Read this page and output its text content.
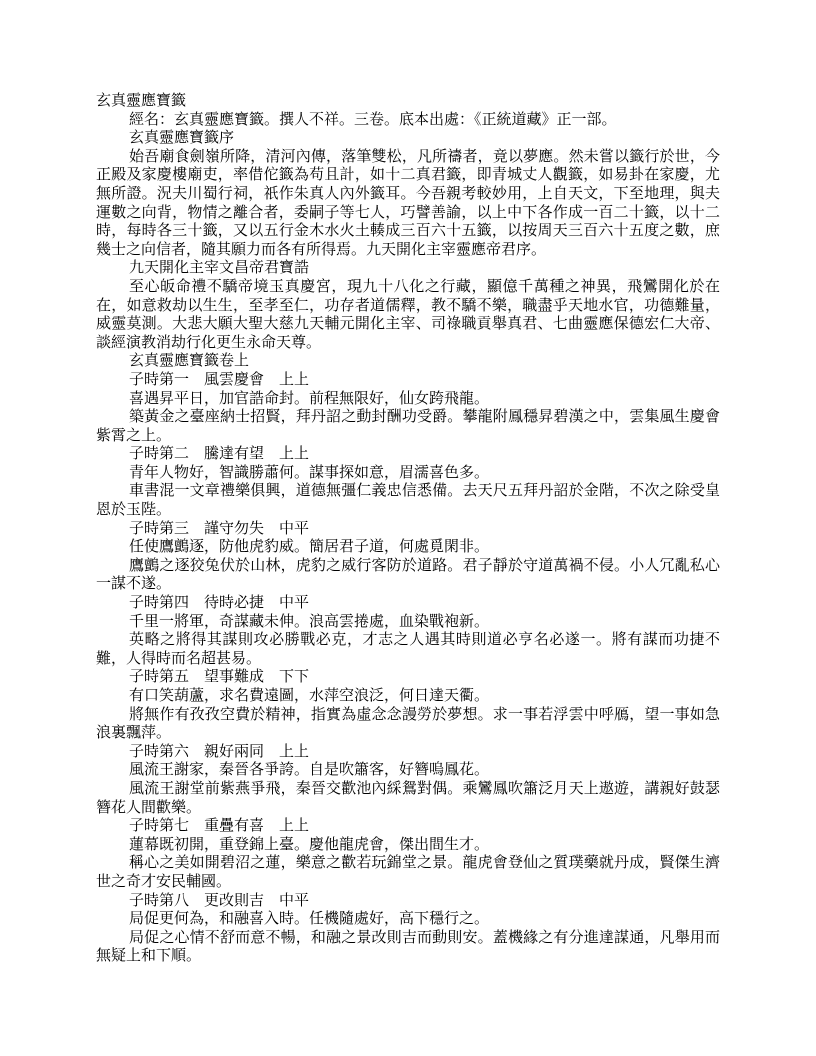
玄真靈應寶籤

經名：玄真靈應寶籤。撰人不祥。三卷。底本出處：《正統道藏》正一部。

玄真靈應寶籤序

始吾廟食劍嶺所降，清河內傳，落筆雙松，凡所禱者，竟以夢應。然未嘗以籤行於世，今正殿及家慶樓廟吏，率借佗籤為苟且計，如十二真君籤，即青城丈人觀籤，如易卦在家慶，尤無所證。況夫川蜀行祠，祇作朱真人內外籤耳。今吾親考較妙用，上自天文，下至地理，與夫運數之向背，物情之離合者，委嗣子等七人，巧譬善諭，以上中下各作成一百二十籤，以十二時，每時各三十籤，又以五行金木水火土輳成三百六十五籤，以按周天三百六十五度之數，庶幾士之向信者，隨其願力而各有所得焉。九天開化主宰靈應帝君序。

九天開化主宰文昌帝君寶誥

至心皈命禮不驕帝境玉真慶宮，現九十八化之行藏，顯億千萬種之神異，飛鸞開化於在在，如意救劫以生生，至孝至仁，功存者道儒釋，教不驕不樂，職盡乎天地水官，功德難量，威靈莫測。大悲大願大聖大慈九天輔元開化主宰、司祿職貢舉真君、七曲靈應保德宏仁大帝、談經演教消劫行化更生永命天尊。

玄真靈應寶籤卷上

子時第一　風雲慶會　上上

喜遇昇平日，加官誥命封。前程無限好，仙女跨飛龍。

築黃金之臺座納士招賢，拜丹詔之動封酬功受爵。攀龍附鳳穩昇碧漢之中，雲集風生慶會紫霄之上。

子時第二　騰達有望　上上

青年人物好，智識勝蕭何。謀事探如意，眉濡喜色多。

車書混一文章禮樂俱興，道德無彊仁義忠信悉備。去天尺五拜丹詔於金階，不次之除受皇恩於玉陛。

子時第三　謹守勿失　中平

任使鷹鸇逐，防他虎豹威。簡居君子道，何處覓閑非。

鷹鸇之逐狡兔伏於山林，虎豹之威行客防於道路。君子靜於守道萬禍不侵。小人冗亂私心一謀不遂。

子時第四　待時必捷　中平

千里一將軍，奇謀藏未伸。浪高雲捲處，血染戰袍新。

英略之將得其謀則攻必勝戰必克，才志之人遇其時則道必亨名必遂一。將有謀而功捷不難，人得時而名超甚易。

子時第五　望事難成　下下

有口笑葫蘆，求名費遠圖，水萍空浪泛，何日達天衢。

將無作有孜孜空費於精神，指實為虛念念謾勞於夢想。求一事若浮雲中呼鴈，望一事如急浪裏飄萍。

子時第六　親好兩同　上上

風流王謝家，秦晉各爭誇。自是吹簫客，好簪嗚鳳花。

風流王謝堂前紫燕爭飛，秦晉交歡池內綵鴛對偶。乘鸞鳳吹簫泛月天上遨遊，講親好鼓瑟簪花人間歡樂。

子時第七　重疊有喜　上上

蓮幕既初開，重登錦上臺。慶他龍虎會，傑出間生才。

稱心之美如開碧沼之蓮，樂意之歡若玩錦堂之景。龍虎會登仙之質璞藥就丹成，賢傑生濟世之奇才安民輔國。

子時第八　更改則吉　中平

局促更何為，和融喜入時。任機隨處好，高下穩行之。

局促之心情不舒而意不暢，和融之景改則吉而動則安。蓋機緣之有分進達謀通，凡舉用而無疑上和下順。
